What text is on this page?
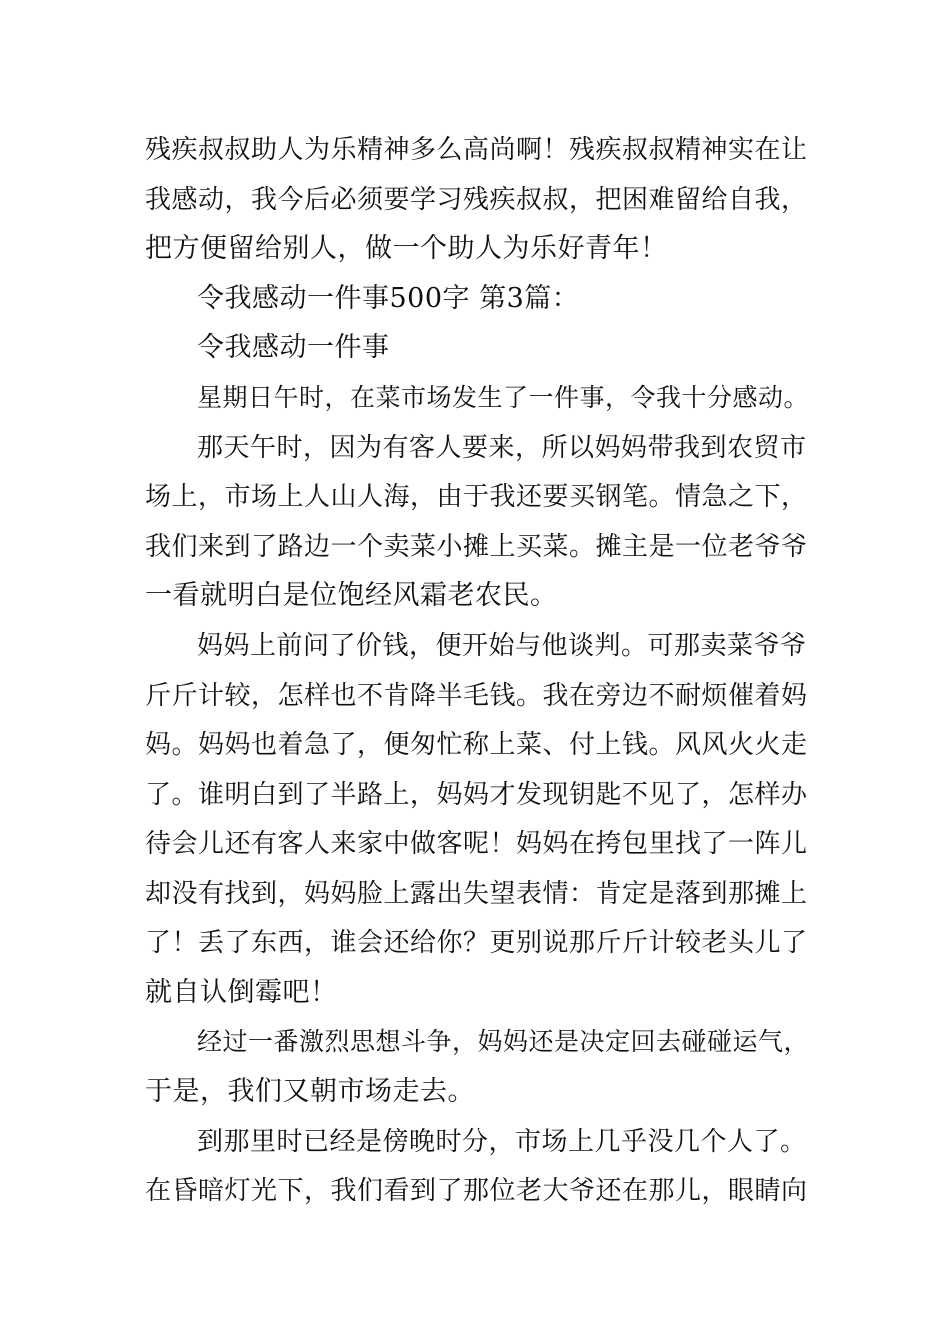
残疾叔叔助人为乐精神多么高尚啊！残疾叔叔精神实在让
我感动，我今后必须要学习残疾叔叔，把困难留给自我，
把方便留给别人，做一个助人为乐好青年！
令我感动一件事500字 第3篇：
令我感动一件事
星期日午时，在菜市场发生了一件事，令我十分感动。
那天午时，因为有客人要来，所以妈妈带我到农贸市
场上，市场上人山人海，由于我还要买钢笔。情急之下，
我们来到了路边一个卖菜小摊上买菜。摊主是一位老爷爷
一看就明白是位饱经风霜老农民。
妈妈上前问了价钱，便开始与他谈判。可那卖菜爷爷
斤斤计较，怎样也不肯降半毛钱。我在旁边不耐烦催着妈
妈。妈妈也着急了，便匆忙称上菜、付上钱。风风火火走
了。谁明白到了半路上，妈妈才发现钥匙不见了，怎样办
待会儿还有客人来家中做客呢！妈妈在挎包里找了一阵儿
却没有找到，妈妈脸上露出失望表情：肯定是落到那摊上
了！丢了东西，谁会还给你？更别说那斤斤计较老头儿了
就自认倒霉吧！
经过一番激烈思想斗争，妈妈还是决定回去碰碰运气，
于是，我们又朝市场走去。
到那里时已经是傍晚时分，市场上几乎没几个人了。
在昏暗灯光下，我们看到了那位老大爷还在那儿，眼睛向
